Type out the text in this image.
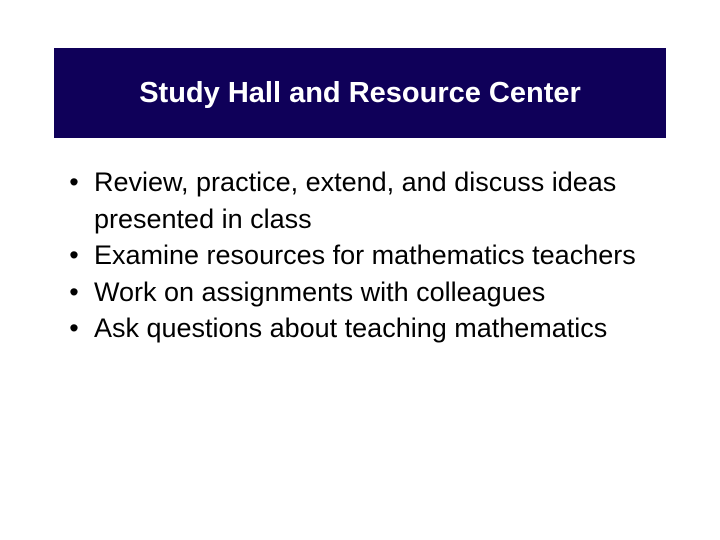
Study Hall and Resource Center
• Review, practice, extend, and discuss ideas presented in class
• Examine resources for mathematics teachers
• Work on assignments with colleagues
• Ask questions about teaching mathematics
